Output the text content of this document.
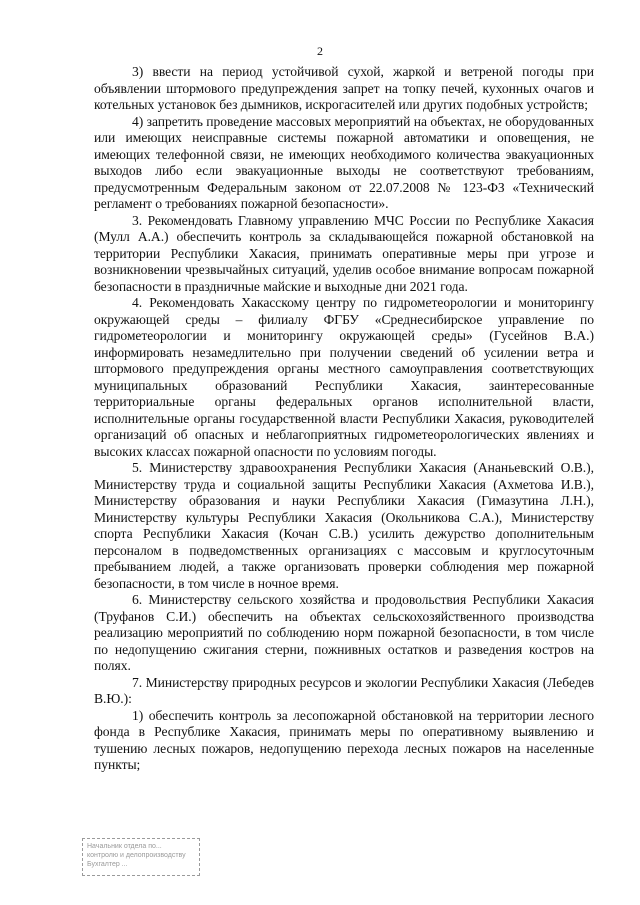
2

3) ввести на период устойчивой сухой, жаркой и ветреной погоды при объявлении штормового предупреждения запрет на топку печей, кухонных очагов и котельных установок без дымников, искрогасителей или других подобных устройств;

4) запретить проведение массовых мероприятий на объектах, не оборудованных или имеющих неисправные системы пожарной автоматики и оповещения, не имеющих телефонной связи, не имеющих необходимого количества эвакуационных выходов либо если эвакуационные выходы не соответствуют требованиям, предусмотренным Федеральным законом от 22.07.2008 № 123-ФЗ «Технический регламент о требованиях пожарной безопасности».

3. Рекомендовать Главному управлению МЧС России по Республике Хакасия (Мулл А.А.) обеспечить контроль за складывающейся пожарной обстановкой на территории Республики Хакасия, принимать оперативные меры при угрозе и возникновении чрезвычайных ситуаций, уделив особое внимание вопросам пожарной безопасности в праздничные майские и выходные дни 2021 года.

4. Рекомендовать Хакасскому центру по гидрометеорологии и мониторингу окружающей среды – филиалу ФГБУ «Среднесибирское управление по гидрометеорологии и мониторингу окружающей среды» (Гусейнов В.А.) информировать незамедлительно при получении сведений об усилении ветра и штормового предупреждения органы местного самоуправления соответствующих муниципальных образований Республики Хакасия, заинтересованные территориальные органы федеральных органов исполнительной власти, исполнительные органы государственной власти Республики Хакасия, руководителей организаций об опасных и неблагоприятных гидрометеорологических явлениях и высоких классах пожарной опасности по условиям погоды.

5. Министерству здравоохранения Республики Хакасия (Ананьевский О.В.), Министерству труда и социальной защиты Республики Хакасия (Ахметова И.В.), Министерству образования и науки Республики Хакасия (Гимазутина Л.Н.), Министерству культуры Республики Хакасия (Окольникова С.А.), Министерству спорта Республики Хакасия (Кочан С.В.) усилить дежурство дополнительным персоналом в подведомственных организациях с массовым и круглосуточным пребыванием людей, а также организовать проверки соблюдения мер пожарной безопасности, в том числе в ночное время.

6. Министерству сельского хозяйства и продовольствия Республики Хакасия (Труфанов С.И.) обеспечить на объектах сельскохозяйственного производства реализацию мероприятий по соблюдению норм пожарной безопасности, в том числе по недопущению сжигания стерни, пожнивных остатков и разведения костров на полях.

7. Министерству природных ресурсов и экологии Республики Хакасия (Лебедев В.Ю.):

1) обеспечить контроль за лесопожарной обстановкой на территории лесного фонда в Республике Хакасия, принимать меры по оперативному выявлению и тушению лесных пожаров, недопущению перехода лесных пожаров на населенные пункты;

Начальник отдела по...
контролю и делопроизводству
Бухгалтер ...
